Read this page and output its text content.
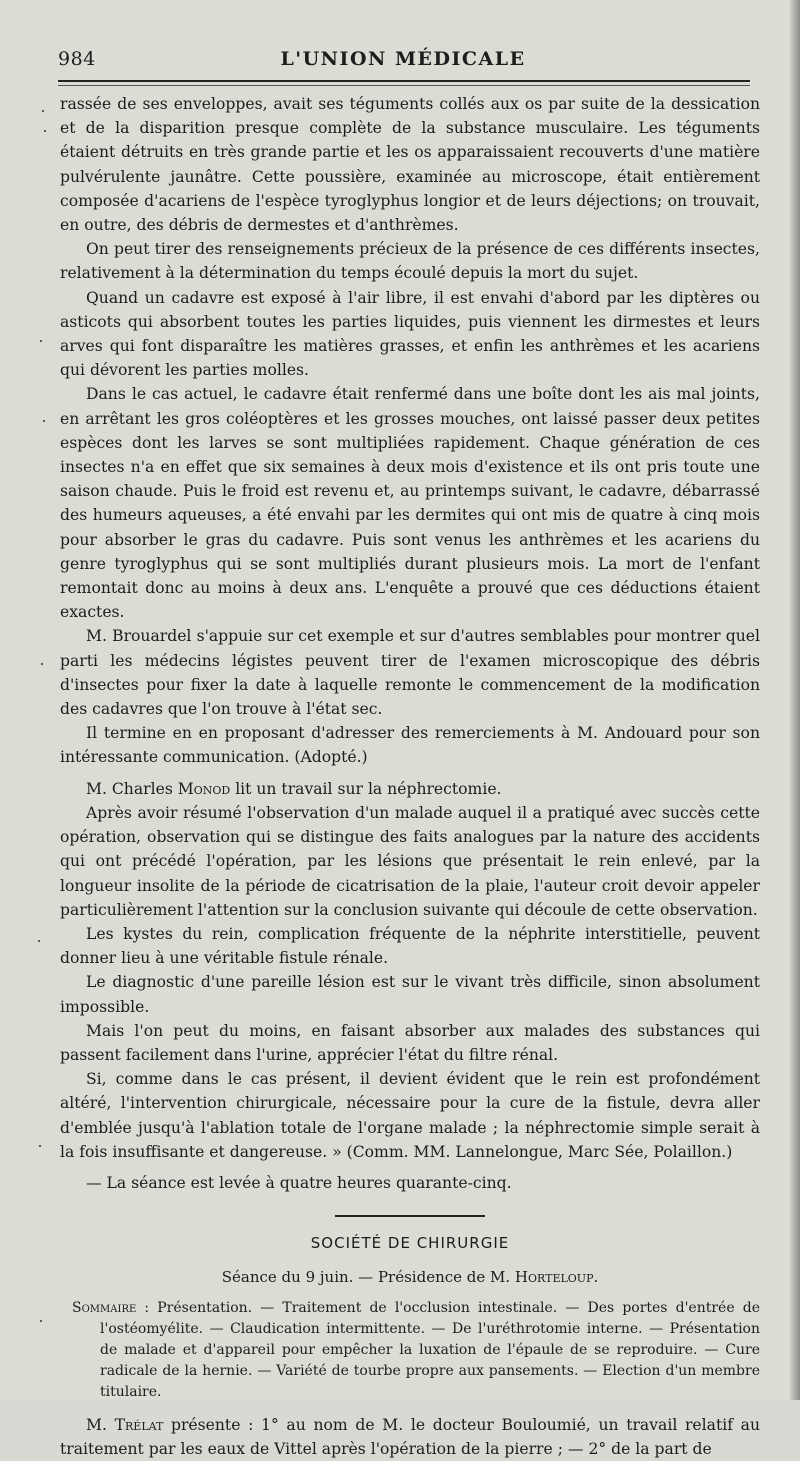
984	L'UNION MÉDICALE

rassée de ses enveloppes, avait ses téguments collés aux os par suite de la dessication et de la disparition presque complète de la substance musculaire. Les téguments étaient détruits en très grande partie et les os apparaissaient recouverts d'une matière pulvérulente jaunâtre. Cette poussière, examinée au microscope, était entièrement composée d'acariens de l'espèce tyroglyphus longior et de leurs déjections; on trouvait, en outre, des débris de dermestes et d'anthrèmes.

On peut tirer des renseignements précieux de la présence de ces différents insectes, relativement à la détermination du temps écoulé depuis la mort du sujet.

Quand un cadavre est exposé à l'air libre, il est envahi d'abord par les diptères ou asticots qui absorbent toutes les parties liquides, puis viennent les dirmestes et leurs arves qui font disparaître les matières grasses, et enfin les anthrèmes et les acariens qui dévorent les parties molles.

Dans le cas actuel, le cadavre était renfermé dans une boîte dont les ais mal joints, en arrêtant les gros coléoptères et les grosses mouches, ont laissé passer deux petites espèces dont les larves se sont multipliées rapidement. Chaque génération de ces insectes n'a en effet que six semaines à deux mois d'existence et ils ont pris toute une saison chaude. Puis le froid est revenu et, au printemps suivant, le cadavre, débarrassé des humeurs aqueuses, a été envahi par les dermites qui ont mis de quatre à cinq mois pour absorber le gras du cadavre. Puis sont venus les anthrèmes et les acariens du genre tyroglyphus qui se sont multipliés durant plusieurs mois. La mort de l'enfant remontait donc au moins à deux ans. L'enquête a prouvé que ces déductions étaient exactes.

M. Brouardel s'appuie sur cet exemple et sur d'autres semblables pour montrer quel parti les médecins légistes peuvent tirer de l'examen microscopique des débris d'insectes pour fixer la date à laquelle remonte le commencement de la modification des cadavres que l'on trouve à l'état sec.

Il termine en en proposant d'adresser des remerciements à M. Andouard pour son intéressante communication. (Adopté.)

M. Charles Monod lit un travail sur la néphrectomie.

Après avoir résumé l'observation d'un malade auquel il a pratiqué avec succès cette opération, observation qui se distingue des faits analogues par la nature des accidents qui ont précédé l'opération, par les lésions que présentait le rein enlevé, par la longueur insolite de la période de cicatrisation de la plaie, l'auteur croit devoir appeler particulièrement l'attention sur la conclusion suivante qui découle de cette observation.

Les kystes du rein, complication fréquente de la néphrite interstitielle, peuvent donner lieu à une véritable fistule rénale.

Le diagnostic d'une pareille lésion est sur le vivant très difficile, sinon absolument impossible.

Mais l'on peut du moins, en faisant absorber aux malades des substances qui passent facilement dans l'urine, apprécier l'état du filtre rénal.

Si, comme dans le cas présent, il devient évident que le rein est profondément altéré, l'intervention chirurgicale, nécessaire pour la cure de la fistule, devra aller d'emblée jusqu'à l'ablation totale de l'organe malade ; la néphrectomie simple serait à la fois insuffisante et dangereuse. » (Comm. MM. Lannelongue, Marc Sée, Polaillon.)

— La séance est levée à quatre heures quarante-cinq.

SOCIÉTÉ DE CHIRURGIE
Séance du 9 juin. — Présidence de M. Horteloup.

Sommaire : Présentation. — Traitement de l'occlusion intestinale. — Des portes d'entrée de l'ostéomyélite. — Claudication intermittente. — De l'uréthrotomie interne. — Présentation de malade et d'appareil pour empêcher la luxation de l'épaule de se reproduire. — Cure radicale de la hernie. — Variété de tourbe propre aux pansements. — Election d'un membre titulaire.

M. Trélat présente : 1° au nom de M. le docteur Bouloumié, un travail relatif au traitement par les eaux de Vittel après l'opération de la pierre ; — 2° de la part de
